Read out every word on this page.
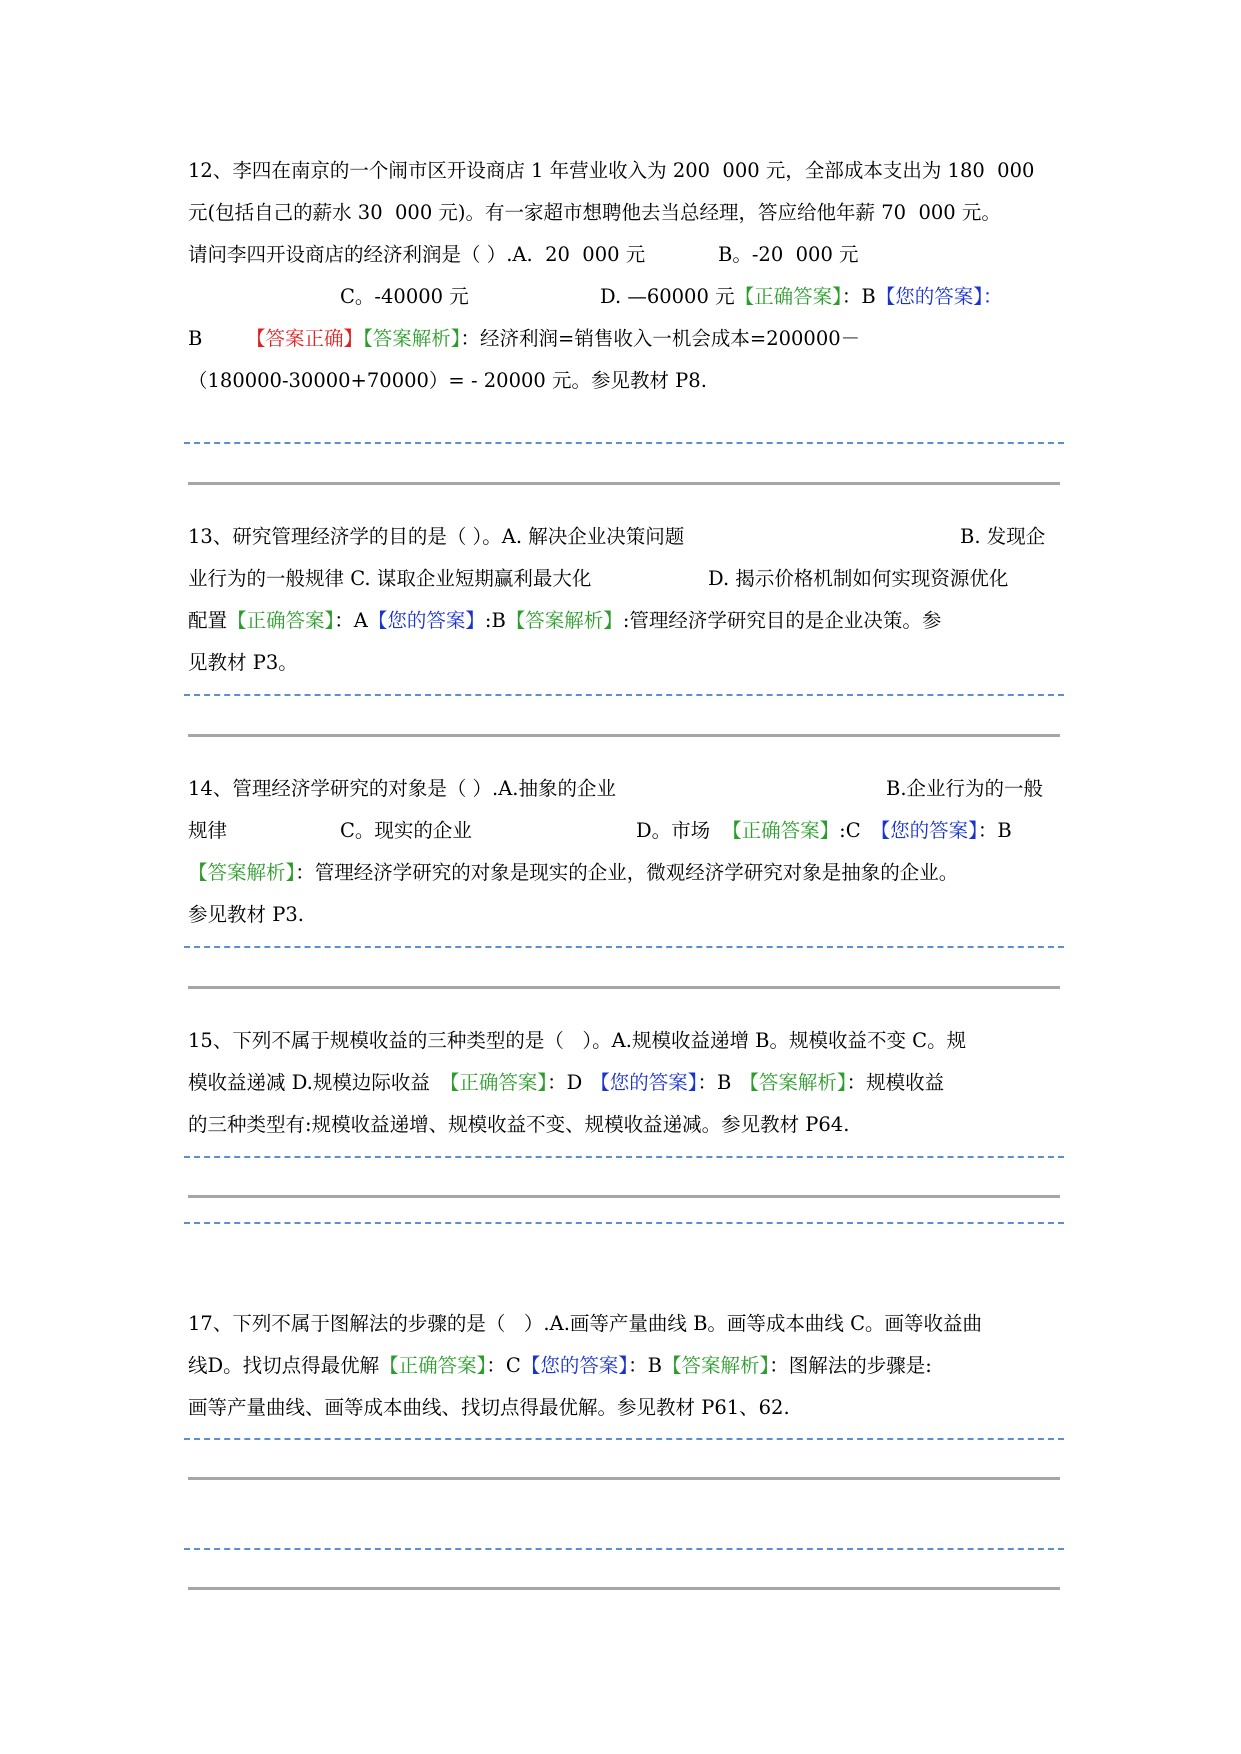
12、李四在南京的一个闹市区开设商店 1 年营业收入为 200  000 元，全部成本支出为 180  000
元(包括自己的薪水 30  000 元)。有一家超市想聘他去当总经理，答应给他年薪 70  000 元。
请问李四开设商店的经济利润是（ ）.A.  20  000 元	B。-20  000 元
C。-40000 元	D. —60000 元【正确答案】：B【您的答案】：
B 【答案正确】【答案解析】：经济利润=销售收入一机会成本=200000－
（180000-30000+70000）= - 20000 元。参见教材 P8.
13、研究管理经济学的目的是（ ）。A. 解决企业决策问题	B. 发现企
业行为的一般规律 C. 谋取企业短期赢利最大化	D. 揭示价格机制如何实现资源优化
配置【正确答案】：A【您的答案】:B【答案解析】:管理经济学研究目的是企业决策。参
见教材 P3。
14、管理经济学研究的对象是（ ）.A.抽象的企业	B.企业行为的一般
规律	C。现实的企业	D。市场 【正确答案】:C 【您的答案】：B
【答案解析】：管理经济学研究的对象是现实的企业，微观经济学研究对象是抽象的企业。
参见教材 P3.
15、下列不属于规模收益的三种类型的是（   ）。A.规模收益递增 B。规模收益不变 C。规
模收益递减 D.规模边际收益 【正确答案】：D 【您的答案】：B 【答案解析】：规模收益
的三种类型有:规模收益递增、规模收益不变、规模收益递减。参见教材 P64.
17、下列不属于图解法的步骤的是（   ）.A.画等产量曲线 B。画等成本曲线 C。画等收益曲
线D。找切点得最优解【正确答案】：C【您的答案】：B【答案解析】：图解法的步骤是:
画等产量曲线、画等成本曲线、找切点得最优解。参见教材 P61、62.
